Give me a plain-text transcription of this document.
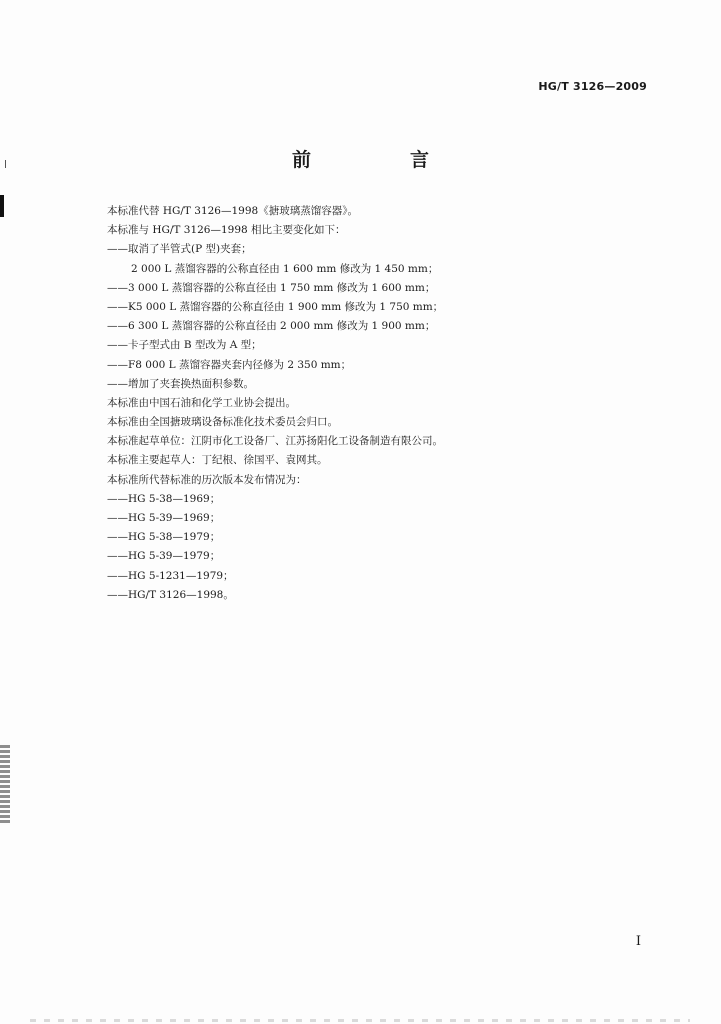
HG/T 3126—2009
前　言
本标准代替 HG/T 3126—1998《搪玻璃蒸馏容器》。
本标准与 HG/T 3126—1998 相比主要变化如下：
——取消了半管式(P 型)夹套；
2 000 L 蒸馏容器的公称直径由 1 600 mm 修改为 1 450 mm；
——3 000 L 蒸馏容器的公称直径由 1 750 mm 修改为 1 600 mm；
——K5 000 L 蒸馏容器的公称直径由 1 900 mm 修改为 1 750 mm；
——6 300 L 蒸馏容器的公称直径由 2 000 mm 修改为 1 900 mm；
——卡子型式由 B 型改为 A 型；
——F8 000 L 蒸馏容器夹套内径修为 2 350 mm；
——增加了夹套换热面积参数。
本标准由中国石油和化学工业协会提出。
本标准由全国搪玻璃设备标准化技术委员会归口。
本标准起草单位：江阴市化工设备厂、江苏扬阳化工设备制造有限公司。
本标准主要起草人：丁纪根、徐国平、袁网其。
本标准所代替标准的历次版本发布情况为：
——HG 5-38—1969；
——HG 5-39—1969；
——HG 5-38—1979；
——HG 5-39—1979；
——HG 5-1231—1979；
——HG/T 3126—1998。
I
